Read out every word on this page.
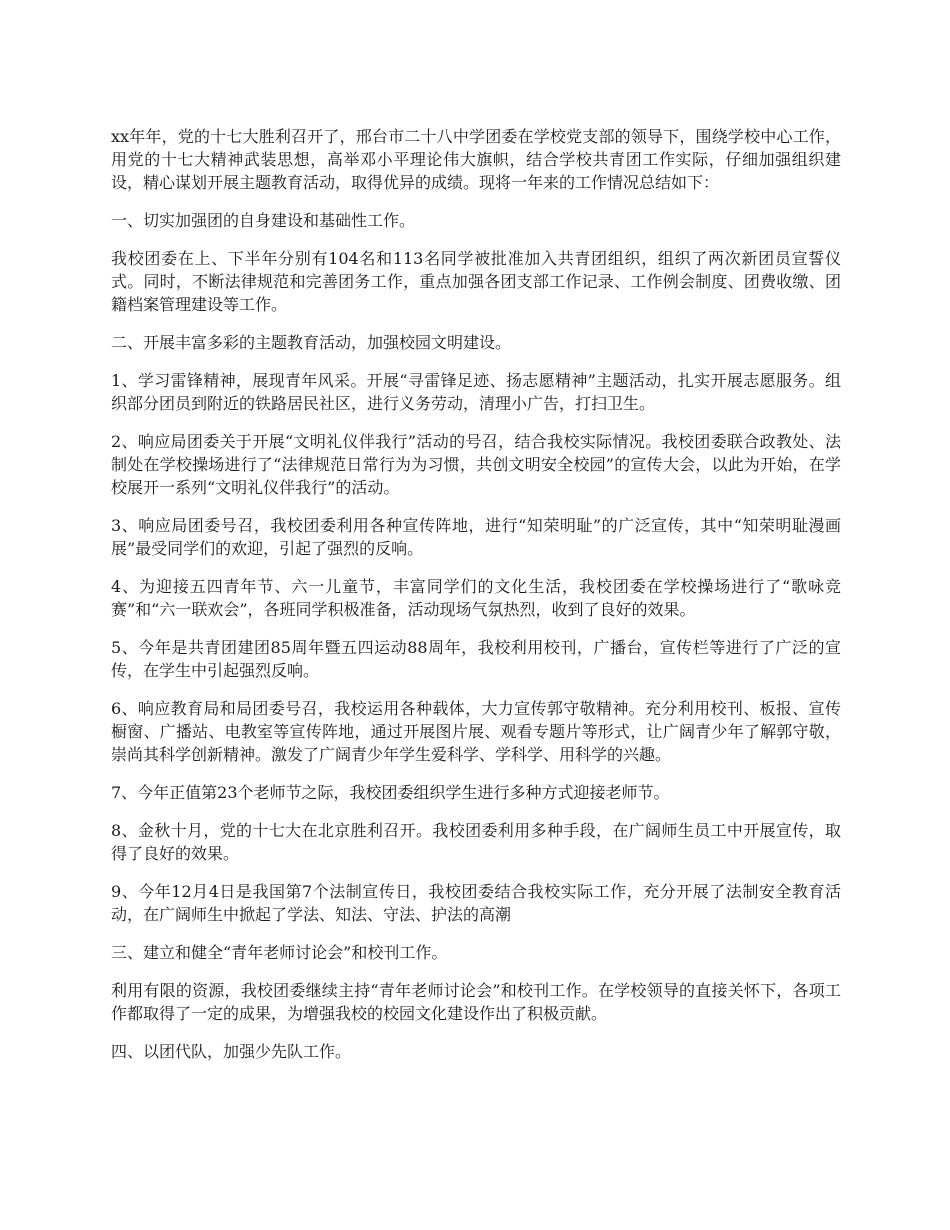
xx年年，党的十七大胜利召开了，邢台市二十八中学团委在学校党支部的领导下，围绕学校中心工作，用党的十七大精神武装思想，高举邓小平理论伟大旗帜，结合学校共青团工作实际，仔细加强组织建设，精心谋划开展主题教育活动，取得优异的成绩。现将一年来的工作情况总结如下：

一、切实加强团的自身建设和基础性工作。

我校团委在上、下半年分别有104名和113名同学被批准加入共青团组织，组织了两次新团员宣誓仪式。同时，不断法律规范和完善团务工作，重点加强各团支部工作记录、工作例会制度、团费收缴、团籍档案管理建设等工作。

二、开展丰富多彩的主题教育活动，加强校园文明建设。

1、学习雷锋精神，展现青年风采。开展“寻雷锋足迹、扬志愿精神”主题活动，扎实开展志愿服务。组织部分团员到附近的铁路居民社区，进行义务劳动，清理小广告，打扫卫生。

2、响应局团委关于开展“文明礼仪伴我行”活动的号召，结合我校实际情况。我校团委联合政教处、法制处在学校操场进行了“法律规范日常行为为习惯，共创文明安全校园”的宣传大会，以此为开始，在学校展开一系列“文明礼仪伴我行”的活动。

3、响应局团委号召，我校团委利用各种宣传阵地，进行“知荣明耻”的广泛宣传，其中“知荣明耻漫画展”最受同学们的欢迎，引起了强烈的反响。

4、为迎接五四青年节、六一儿童节，丰富同学们的文化生活，我校团委在学校操场进行了“歌咏竞赛”和“六一联欢会”，各班同学积极准备，活动现场气氛热烈，收到了良好的效果。

5、今年是共青团建团85周年暨五四运动88周年，我校利用校刊，广播台，宣传栏等进行了广泛的宣传，在学生中引起强烈反响。

6、响应教育局和局团委号召，我校运用各种载体，大力宣传郭守敬精神。充分利用校刊、板报、宣传橱窗、广播站、电教室等宣传阵地，通过开展图片展、观看专题片等形式，让广阔青少年了解郭守敬，崇尚其科学创新精神。激发了广阔青少年学生爱科学、学科学、用科学的兴趣。

7、今年正值第23个老师节之际，我校团委组织学生进行多种方式迎接老师节。

8、金秋十月，党的十七大在北京胜利召开。我校团委利用多种手段，在广阔师生员工中开展宣传，取得了良好的效果。

9、今年12月4日是我国第7个法制宣传日，我校团委结合我校实际工作，充分开展了法制安全教育活动，在广阔师生中掀起了学法、知法、守法、护法的高潮

三、建立和健全“青年老师讨论会”和校刊工作。

利用有限的资源，我校团委继续主持“青年老师讨论会”和校刊工作。在学校领导的直接关怀下，各项工作都取得了一定的成果，为增强我校的校园文化建设作出了积极贡献。

四、以团代队，加强少先队工作。
